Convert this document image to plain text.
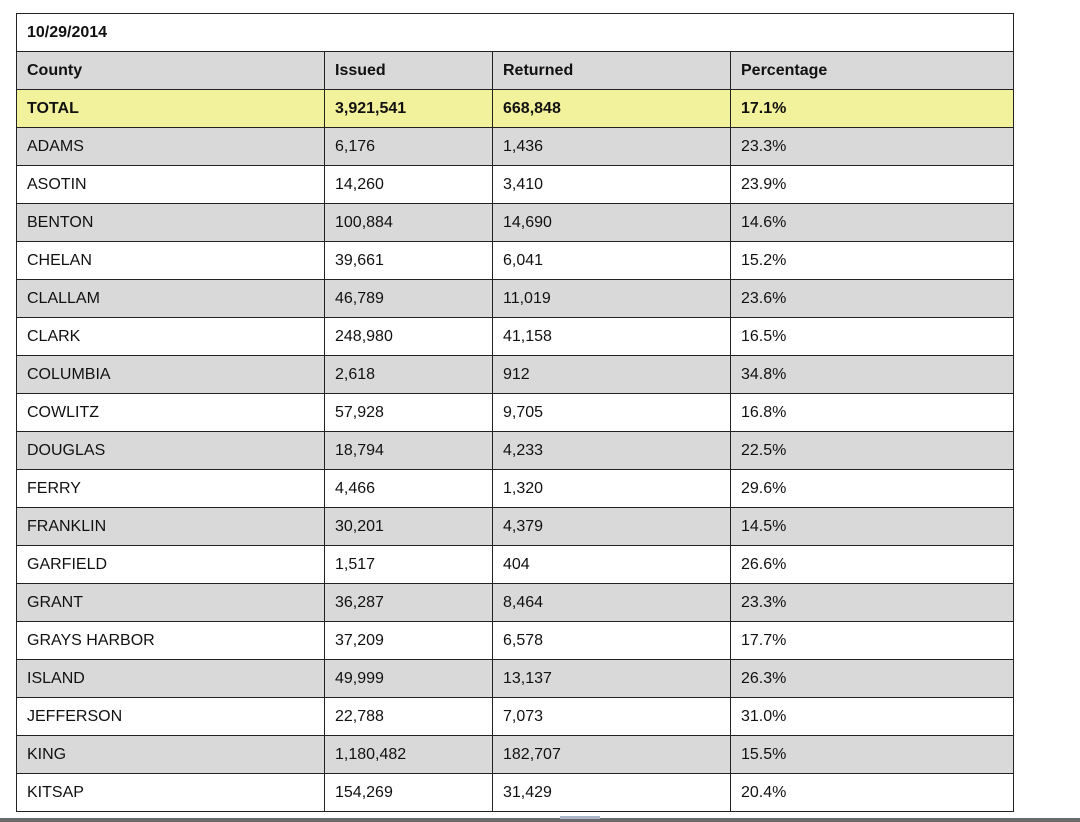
10/29/2014			
County	Issued	Returned	Percentage
TOTAL	3,921,541	668,848	17.1%
ADAMS	6,176	1,436	23.3%
ASOTIN	14,260	3,410	23.9%
BENTON	100,884	14,690	14.6%
CHELAN	39,661	6,041	15.2%
CLALLAM	46,789	11,019	23.6%
CLARK	248,980	41,158	16.5%
COLUMBIA	2,618	912	34.8%
COWLITZ	57,928	9,705	16.8%
DOUGLAS	18,794	4,233	22.5%
FERRY	4,466	1,320	29.6%
FRANKLIN	30,201	4,379	14.5%
GARFIELD	1,517	404	26.6%
GRANT	36,287	8,464	23.3%
GRAYS HARBOR	37,209	6,578	17.7%
ISLAND	49,999	13,137	26.3%
JEFFERSON	22,788	7,073	31.0%
KING	1,180,482	182,707	15.5%
KITSAP	154,269	31,429	20.4%
